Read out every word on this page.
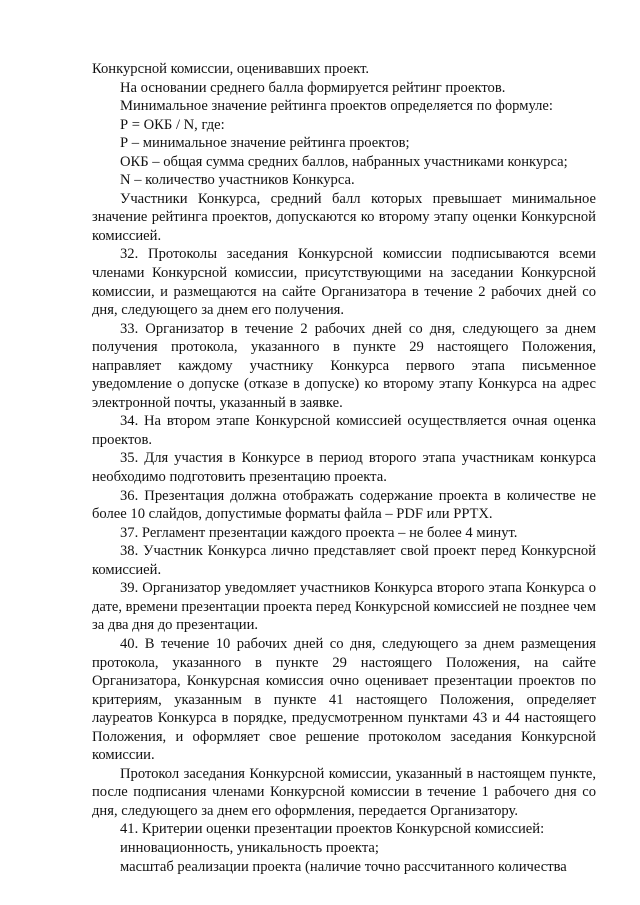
Конкурсной комиссии, оценивавших проект.

На основании среднего балла формируется рейтинг проектов.

Минимальное значение рейтинга проектов определяется по формуле:

Р = ОКБ / N, где:

Р – минимальное значение рейтинга проектов;

ОКБ – общая сумма средних баллов, набранных участниками конкурса;

N – количество участников Конкурса.

Участники Конкурса, средний балл которых превышает минимальное значение рейтинга проектов, допускаются ко второму этапу оценки Конкурсной комиссией.

32. Протоколы заседания Конкурсной комиссии подписываются всеми членами Конкурсной комиссии, присутствующими на заседании Конкурсной комиссии, и размещаются на сайте Организатора в течение 2 рабочих дней со дня, следующего за днем его получения.

33. Организатор в течение 2 рабочих дней со дня, следующего за днем получения протокола, указанного в пункте 29 настоящего Положения, направляет каждому участнику Конкурса первого этапа письменное уведомление о допуске (отказе в допуске) ко второму этапу Конкурса на адрес электронной почты, указанный в заявке.

34. На втором этапе Конкурсной комиссией осуществляется очная оценка проектов.

35. Для участия в Конкурсе в период второго этапа участникам конкурса необходимо подготовить презентацию проекта.

36. Презентация должна отображать содержание проекта в количестве не более 10 слайдов, допустимые форматы файла – PDF или PPTX.

37. Регламент презентации каждого проекта – не более 4 минут.

38. Участник Конкурса лично представляет свой проект перед Конкурсной комиссией.

39. Организатор уведомляет участников Конкурса второго этапа Конкурса о дате, времени презентации проекта перед Конкурсной комиссией не позднее чем за два дня до презентации.

40. В течение 10 рабочих дней со дня, следующего за днем размещения протокола, указанного в пункте 29 настоящего Положения, на сайте Организатора, Конкурсная комиссия очно оценивает презентации проектов по критериям, указанным в пункте 41 настоящего Положения, определяет лауреатов Конкурса в порядке, предусмотренном пунктами 43 и 44 настоящего Положения, и оформляет свое решение протоколом заседания Конкурсной комиссии.

Протокол заседания Конкурсной комиссии, указанный в настоящем пункте, после подписания членами Конкурсной комиссии в течение 1 рабочего дня со дня, следующего за днем его оформления, передается Организатору.

41. Критерии оценки презентации проектов Конкурсной комиссией:

инновационность, уникальность проекта;

масштаб реализации проекта (наличие точно рассчитанного количества
